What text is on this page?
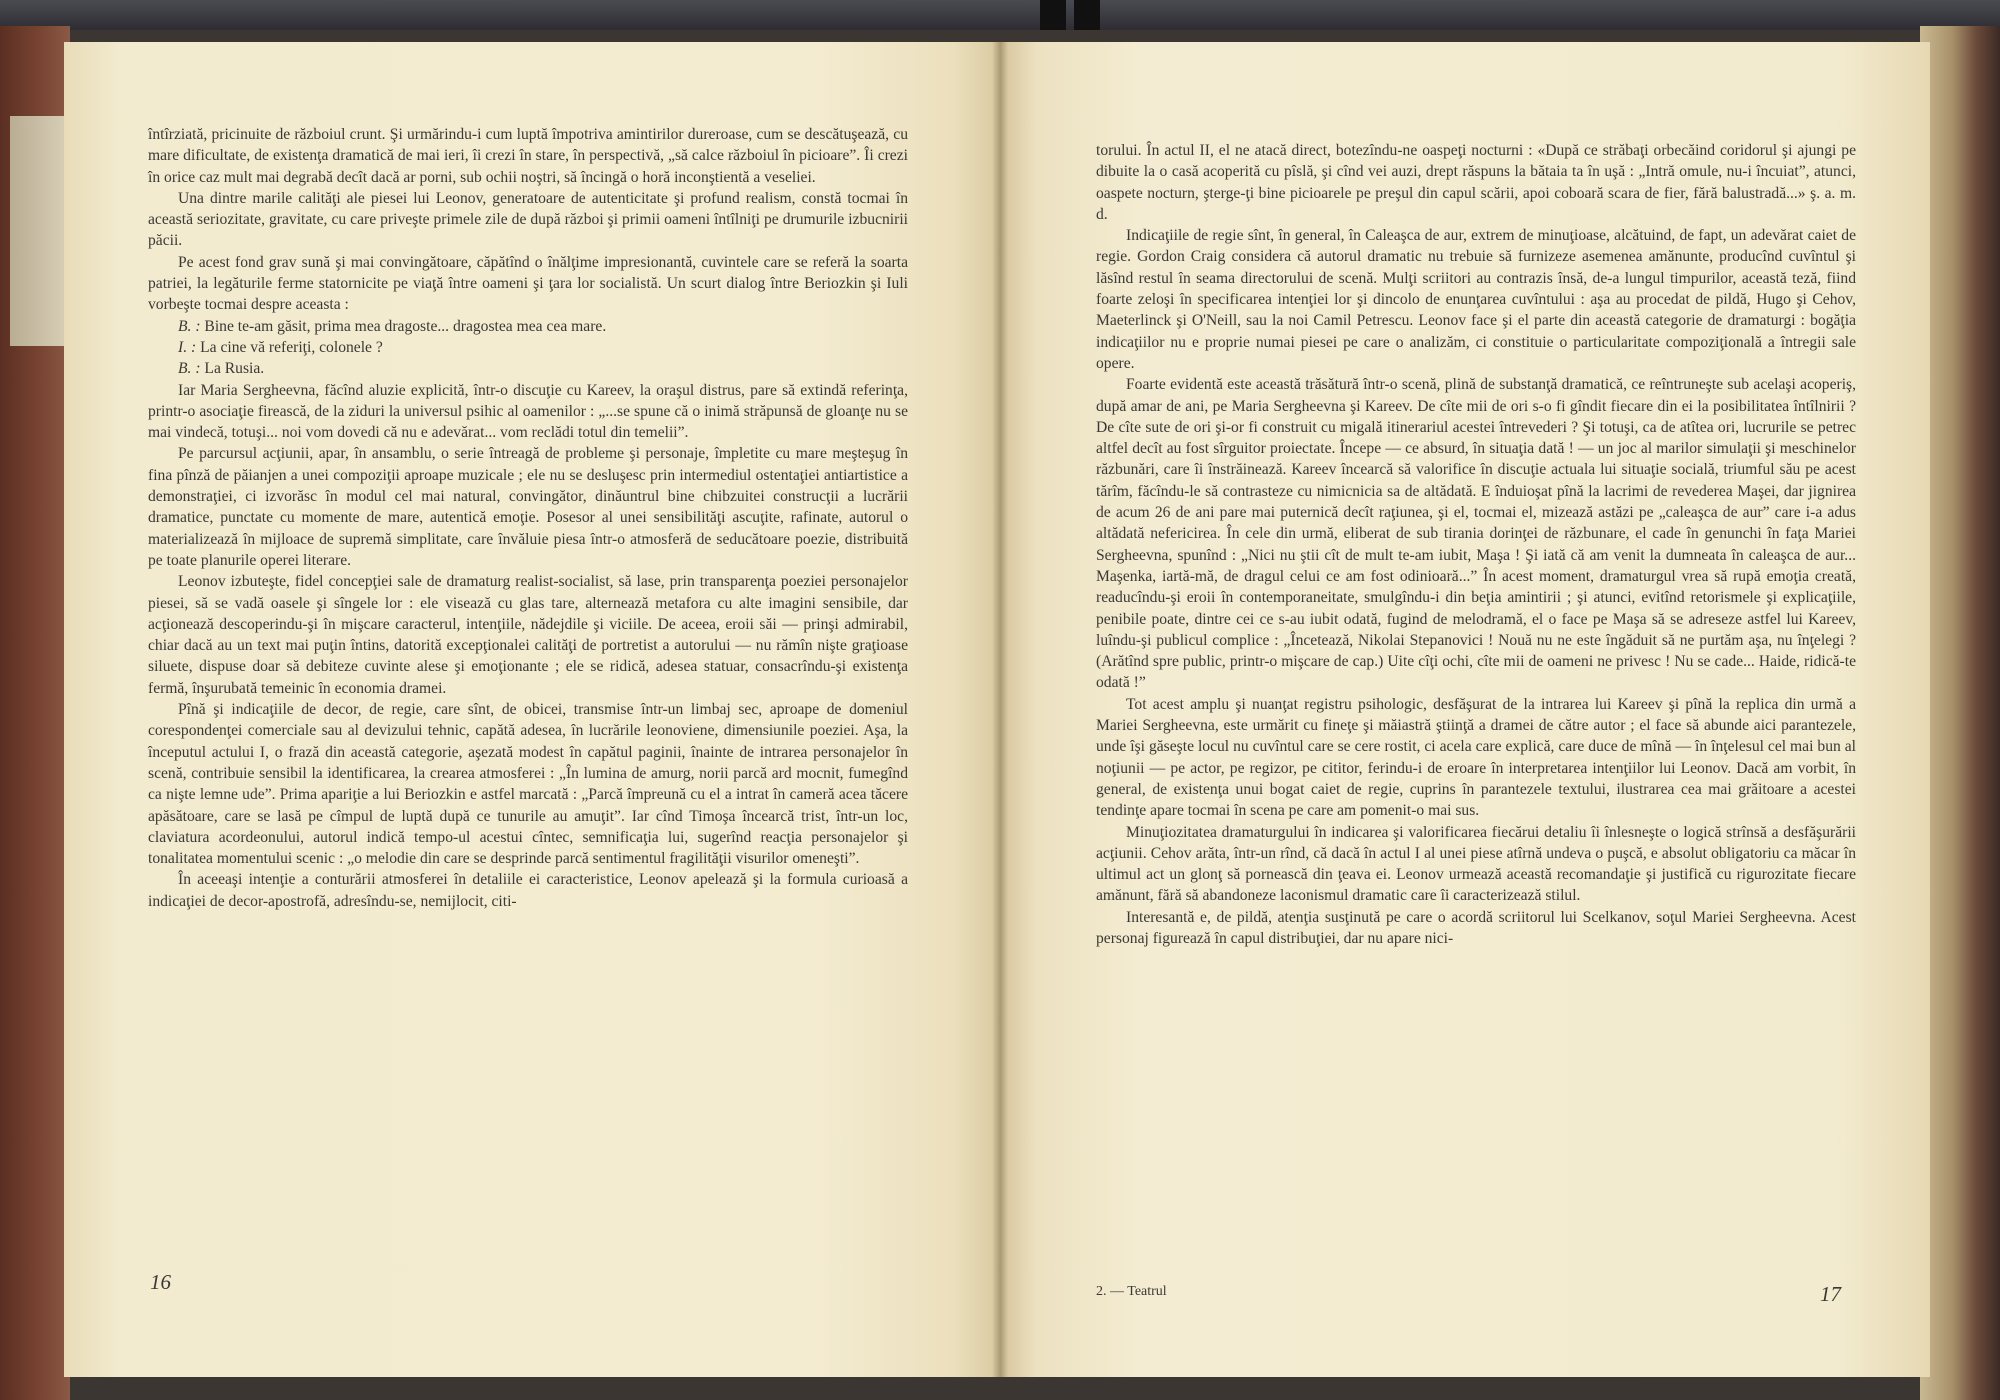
întîrziată, pricinuite de războiul crunt. Şi urmărindu-i cum luptă împotriva amintirilor dureroase, cum se descătuşează, cu mare dificultate, de existenţa dramatică de mai ieri, îi crezi în stare, în perspectivă, „să calce războiul în picioare”. Îi crezi în orice caz mult mai degrabă decît dacă ar porni, sub ochii noştri, să încingă o horă inconştientă a veseliei.

Una dintre marile calităţi ale piesei lui Leonov, generatoare de autenticitate şi profund realism, constă tocmai în această seriozitate, gravitate, cu care priveşte primele zile de după război şi primii oameni întîlniţi pe drumurile izbucnirii păcii.

Pe acest fond grav sună şi mai convingătoare, căpătînd o înălţime impresionantă, cuvintele care se referă la soarta patriei, la legăturile ferme statornicite pe viaţă între oameni şi ţara lor socialistă. Un scurt dialog între Beriozkin şi Iuli vorbeşte tocmai despre aceasta :

B. : Bine te-am găsit, prima mea dragoste... dragostea mea cea mare.
I. : La cine vă referiţi, colonele ?
B. : La Rusia.

Iar Maria Sergheevna, făcînd aluzie explicită, într-o discuţie cu Kareev, la oraşul distrus, pare să extindă referinţa, printr-o asociaţie firească, de la ziduri la universul psihic al oamenilor : „...se spune că o inimă străpunsă de gloanţe nu se mai vindecă, totuşi... noi vom dovedi că nu e adevărat... vom reclădi totul din temelii”.

Pe parcursul acţiunii, apar, în ansamblu, o serie întreagă de probleme şi personaje, împletite cu mare meşteşug în fina pînză de păianjen a unei compoziţii aproape muzicale ; ele nu se desluşesc prin intermediul ostentaţiei antiartistice a demonstraţiei, ci izvorăsc în modul cel mai natural, convingător, dinăuntrul bine chibzuitei construcţii a lucrării dramatice, punctate cu momente de mare, autentică emoţie. Posesor al unei sensibilităţi ascuţite, rafinate, autorul o materializează în mijloace de supremă simplitate, care învăluie piesa într-o atmosferă de seducătoare poezie, distribuită pe toate planurile operei literare.

Leonov izbuteşte, fidel concepţiei sale de dramaturg realist-socialist, să lase, prin transparenţa poeziei personajelor piesei, să se vadă oasele şi sîngele lor : ele visează cu glas tare, alternează metafora cu alte imagini sensibile, dar acţionează descoperindu-şi în mişcare caracterul, intenţiile, nădejdile şi viciile. De aceea, eroii săi — prinşi admirabil, chiar dacă au un text mai puţin întins, datorită excepţionalei calităţi de portretist a autorului — nu rămîn nişte graţioase siluete, dispuse doar să debiteze cuvinte alese şi emoţionante ; ele se ridică, adesea statuar, consacrîndu-şi existenţa fermă, înşurubată temeinic în economia dramei.

Pînă şi indicaţiile de decor, de regie, care sînt, de obicei, transmise într-un limbaj sec, aproape de domeniul corespondenţei comerciale sau al devizului tehnic, capătă adesea, în lucrările leonoviene, dimensiunile poeziei. Aşa, la începutul actului I, o frază din această categorie, aşezată modest în capătul paginii, înainte de intrarea personajelor în scenă, contribuie sensibil la identificarea, la crearea atmosferei : „În lumina de amurg, norii parcă ard mocnit, fumegînd ca nişte lemne ude”. Prima apariţie a lui Beriozkin e astfel marcată : „Parcă împreună cu el a intrat în cameră acea tăcere apăsătoare, care se lasă pe cîmpul de luptă după ce tunurile au amuţit”. Iar cînd Timoşa încearcă trist, într-un loc, claviatura acordeonului, autorul indică tempo-ul acestui cîntec, semnificaţia lui, sugerînd reacţia personajelor şi tonalitatea momentului scenic : „o melodie din care se desprinde parcă sentimentul fragilităţii visurilor omeneşti”.

În aceeaşi intenţie a conturării atmosferei în detaliile ei caracteristice, Leonov apelează şi la formula curioasă a indicaţiei de decor-apostrofă, adresîndu-se, nemijlocit, citi-

16

torului. În actul II, el ne atacă direct, botezîndu-ne oaspeţi nocturni : «După ce străbaţi orbecăind coridorul şi ajungi pe dibuite la o casă acoperită cu pîslă, şi cînd vei auzi, drept răspuns la bătaia ta în uşă : „Intră omule, nu-i încuiat”, atunci, oaspete nocturn, şterge-ţi bine picioarele pe preşul din capul scării, apoi coboară scara de fier, fără balustradă...» ş. a. m. d.

Indicaţiile de regie sînt, în general, în Caleaşca de aur, extrem de minuţioase, alcătuind, de fapt, un adevărat caiet de regie. Gordon Craig considera că autorul dramatic nu trebuie să furnizeze asemenea amănunte, producînd cuvîntul şi lăsînd restul în seama directorului de scenă. Mulţi scriitori au contrazis însă, de-a lungul timpurilor, această teză, fiind foarte zeloşi în specificarea intenţiei lor şi dincolo de enunţarea cuvîntului : aşa au procedat de pildă, Hugo şi Cehov, Maeterlinck şi O'Neill, sau la noi Camil Petrescu. Leonov face şi el parte din această categorie de dramaturgi : bogăţia indicaţiilor nu e proprie numai piesei pe care o analizăm, ci constituie o particularitate compoziţională a întregii sale opere.

Foarte evidentă este această trăsătură într-o scenă, plină de substanţă dramatică, ce reîntruneşte sub acelaşi acoperiş, după amar de ani, pe Maria Sergheevna şi Kareev. De cîte mii de ori s-o fi gîndit fiecare din ei la posibilitatea întîlnirii ? De cîte sute de ori şi-or fi construit cu migală itinerariul acestei întrevederi ? Şi totuşi, ca de atîtea ori, lucrurile se petrec altfel decît au fost sîrguitor proiectate. Începe — ce absurd, în situaţia dată ! — un joc al marilor simulaţii şi meschinelor răzbunări, care îi înstrăinează. Kareev încearcă să valorifice în discuţie actuala lui situaţie socială, triumful său pe acest tărîm, făcîndu-le să contrasteze cu nimicnicia sa de altădată. E înduioşat pînă la lacrimi de revederea Maşei, dar jignirea de acum 26 de ani pare mai puternică decît raţiunea, şi el, tocmai el, mizează astăzi pe „caleaşca de aur” care i-a adus altădată nefericirea. În cele din urmă, eliberat de sub tirania dorinţei de răzbunare, el cade în genunchi în faţa Mariei Sergheevna, spunînd : „Nici nu ştii cît de mult te-am iubit, Maşa ! Şi iată că am venit la dumneata în caleaşca de aur... Maşenka, iartă-mă, de dragul celui ce am fost odinioară...” În acest moment, dramaturgul vrea să rupă emoţia creată, readucîndu-şi eroii în contemporaneitate, smulgîndu-i din beţia amintirii ; şi atunci, evitînd retorismele şi explicaţiile, penibile poate, dintre cei ce s-au iubit odată, fugind de melodramă, el o face pe Maşa să se adreseze astfel lui Kareev, luîndu-şi publicul complice : „Încetează, Nikolai Stepanovici ! Nouă nu ne este îngăduit să ne purtăm aşa, nu înţelegi ? (Arătînd spre public, printr-o mişcare de cap.) Uite cîţi ochi, cîte mii de oameni ne privesc ! Nu se cade... Haide, ridică-te odată !”

Tot acest amplu şi nuanţat registru psihologic, desfăşurat de la intrarea lui Kareev şi pînă la replica din urmă a Mariei Sergheevna, este urmărit cu fineţe şi măiastră ştiinţă a dramei de către autor ; el face să abunde aici parantezele, unde îşi găseşte locul nu cuvîntul care se cere rostit, ci acela care explică, care duce de mînă — în înţelesul cel mai bun al noţiunii — pe actor, pe regizor, pe cititor, ferindu-i de eroare în interpretarea intenţiilor lui Leonov. Dacă am vorbit, în general, de existenţa unui bogat caiet de regie, cuprins în parantezele textului, ilustrarea cea mai grăitoare a acestei tendinţe apare tocmai în scena pe care am pomenit-o mai sus.

Minuţiozitatea dramaturgului în indicarea şi valorificarea fiecărui detaliu îi înlesneşte o logică strînsă a desfăşurării acţiunii. Cehov arăta, într-un rînd, că dacă în actul I al unei piese atîrnă undeva o puşcă, e absolut obligatoriu ca măcar în ultimul act un glonţ să pornească din ţeava ei. Leonov urmează această recomandaţie şi justifică cu rigurozitate fiecare amănunt, fără să abandoneze laconismul dramatic care îi caracterizează stilul.

Interesantă e, de pildă, atenţia susţinută pe care o acordă scriitorul lui Scelkanov, soţul Mariei Sergheevna. Acest personaj figurează în capul distribuţiei, dar nu apare nici-

2. — Teatrul	17
